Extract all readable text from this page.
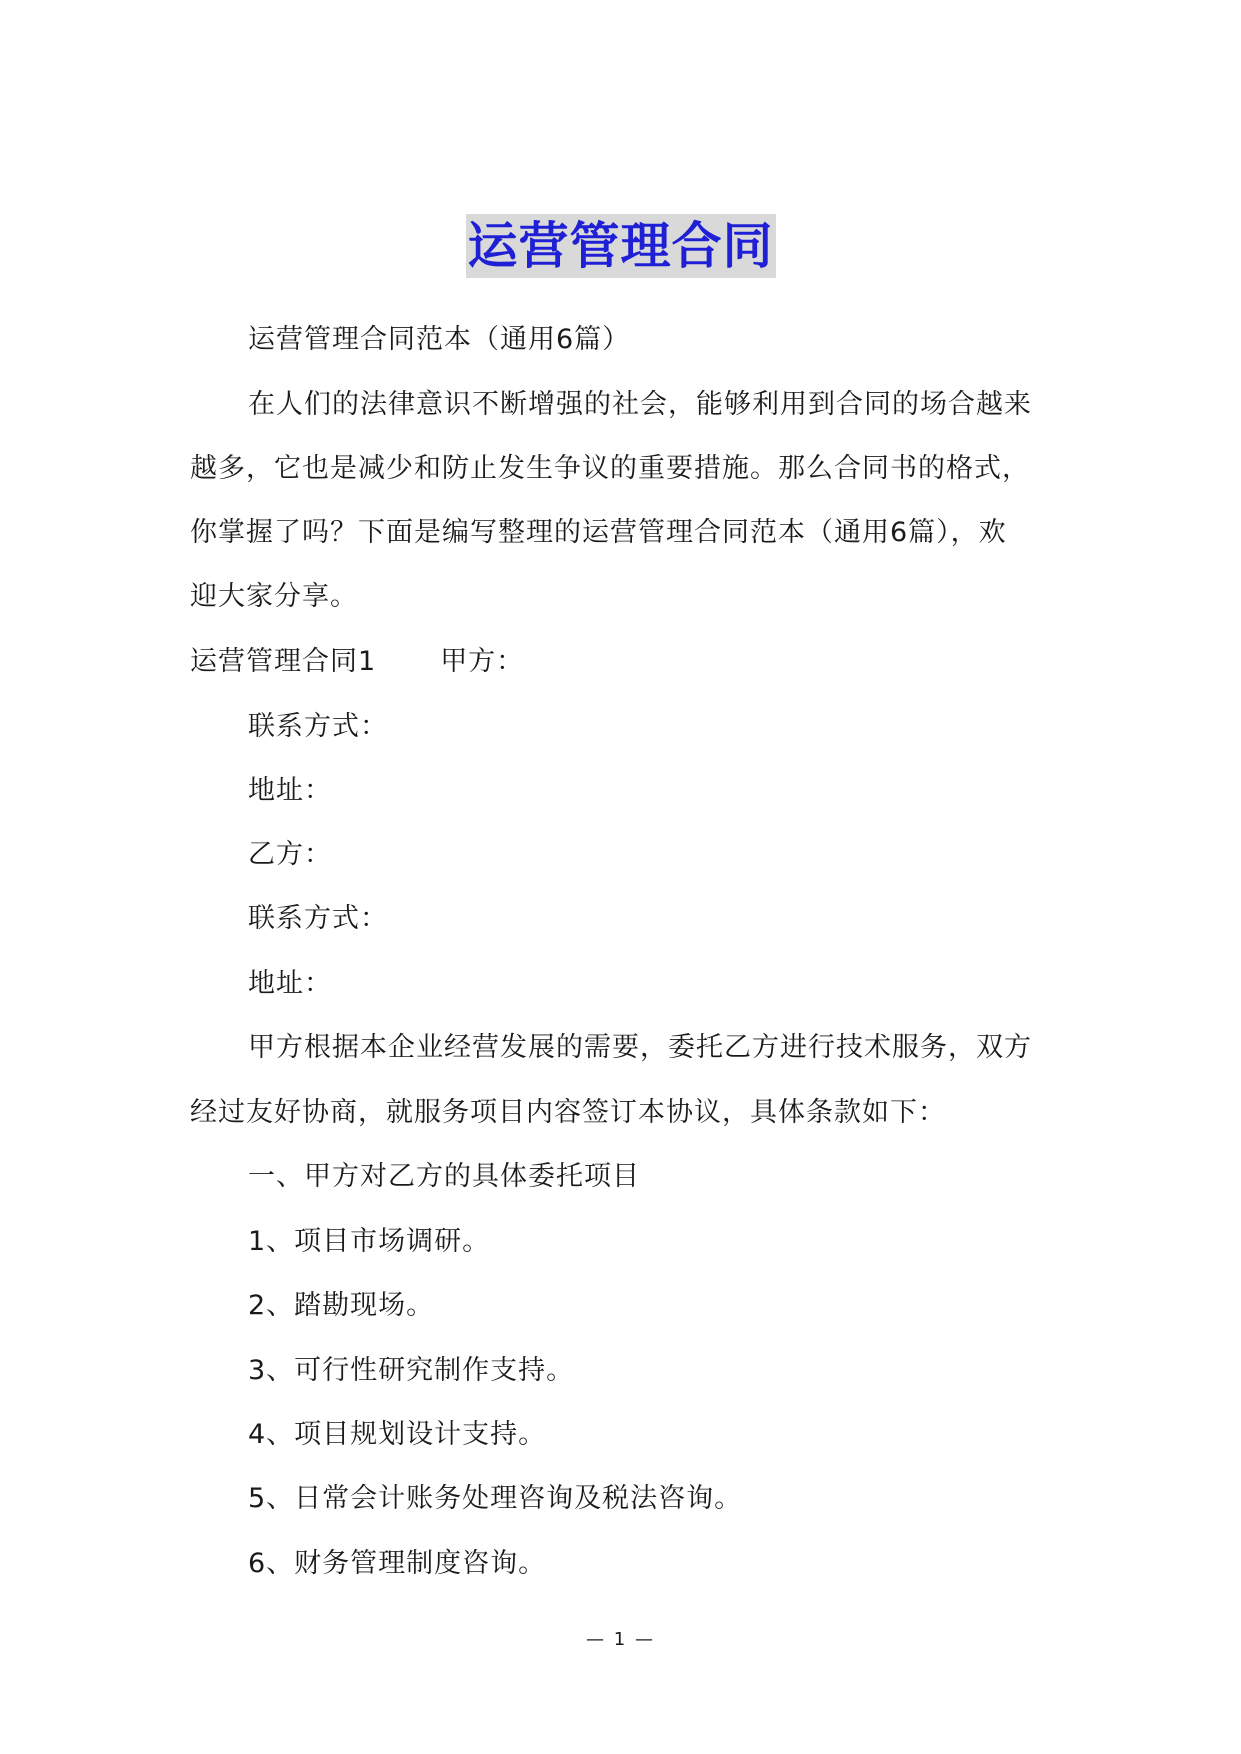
运营管理合同
运营管理合同范本（通用6篇）
在人们的法律意识不断增强的社会，能够利用到合同的场合越来
越多，它也是减少和防止发生争议的重要措施。那么合同书的格式，
你掌握了吗？下面是编写整理的运营管理合同范本（通用6篇），欢
迎大家分享。
运营管理合同1 甲方：
联系方式：
地址：
乙方：
联系方式：
地址：
甲方根据本企业经营发展的需要，委托乙方进行技术服务，双方
经过友好协商，就服务项目内容签订本协议，具体条款如下：
一、甲方对乙方的具体委托项目
1、项目市场调研。
2、踏勘现场。
3、可行性研究制作支持。
4、项目规划设计支持。
5、日常会计账务处理咨询及税法咨询。
6、财务管理制度咨询。
— 1 —
